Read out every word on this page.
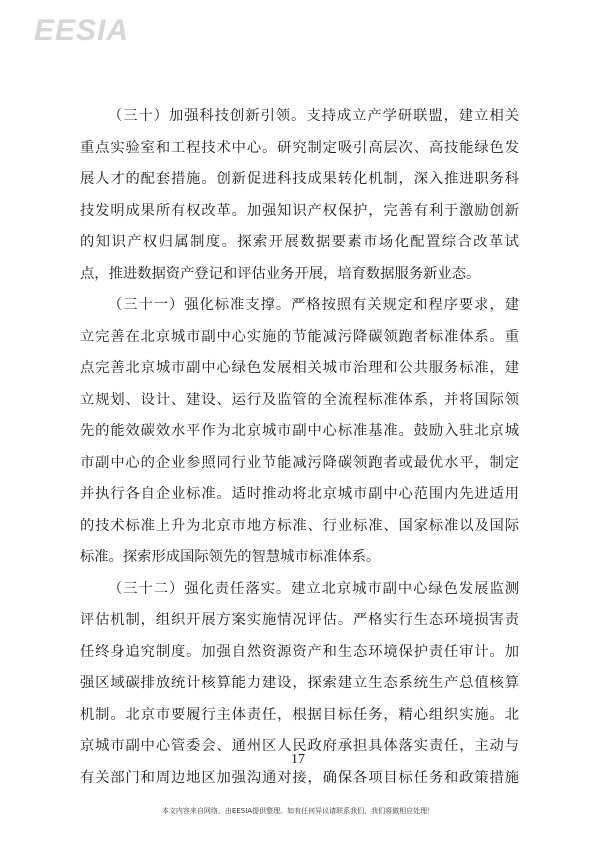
EESIA
（三十）加强科技创新引领。支持成立产学研联盟，建立相关
重点实验室和工程技术中心。研究制定吸引高层次、高技能绿色发
展人才的配套措施。创新促进科技成果转化机制，深入推进职务科
技发明成果所有权改革。加强知识产权保护，完善有利于激励创新
的知识产权归属制度。探索开展数据要素市场化配置综合改革试
点，推进数据资产登记和评估业务开展，培育数据服务新业态。
（三十一）强化标准支撑。严格按照有关规定和程序要求，建
立完善在北京城市副中心实施的节能减污降碳领跑者标准体系。重
点完善北京城市副中心绿色发展相关城市治理和公共服务标准，建
立规划、设计、建设、运行及监管的全流程标准体系，并将国际领
先的能效碳效水平作为北京城市副中心标准基准。鼓励入驻北京城
市副中心的企业参照同行业节能减污降碳领跑者或最优水平，制定
并执行各自企业标准。适时推动将北京城市副中心范围内先进适用
的技术标准上升为北京市地方标准、行业标准、国家标准以及国际
标准。探索形成国际领先的智慧城市标准体系。
（三十二）强化责任落实。建立北京城市副中心绿色发展监测
评估机制，组织开展方案实施情况评估。严格实行生态环境损害责
任终身追究制度。加强自然资源资产和生态环境保护责任审计。加
强区域碳排放统计核算能力建设，探索建立生态系统生产总值核算
机制。北京市要履行主体责任，根据目标任务，精心组织实施。北
京城市副中心管委会、通州区人民政府承担具体落实责任，主动与
有关部门和周边地区加强沟通对接，确保各项目标任务和政策措施
17
本文内容来自网络，由EESIA提供整理。如有任何异议请联系我们，我们将做相应处理！
